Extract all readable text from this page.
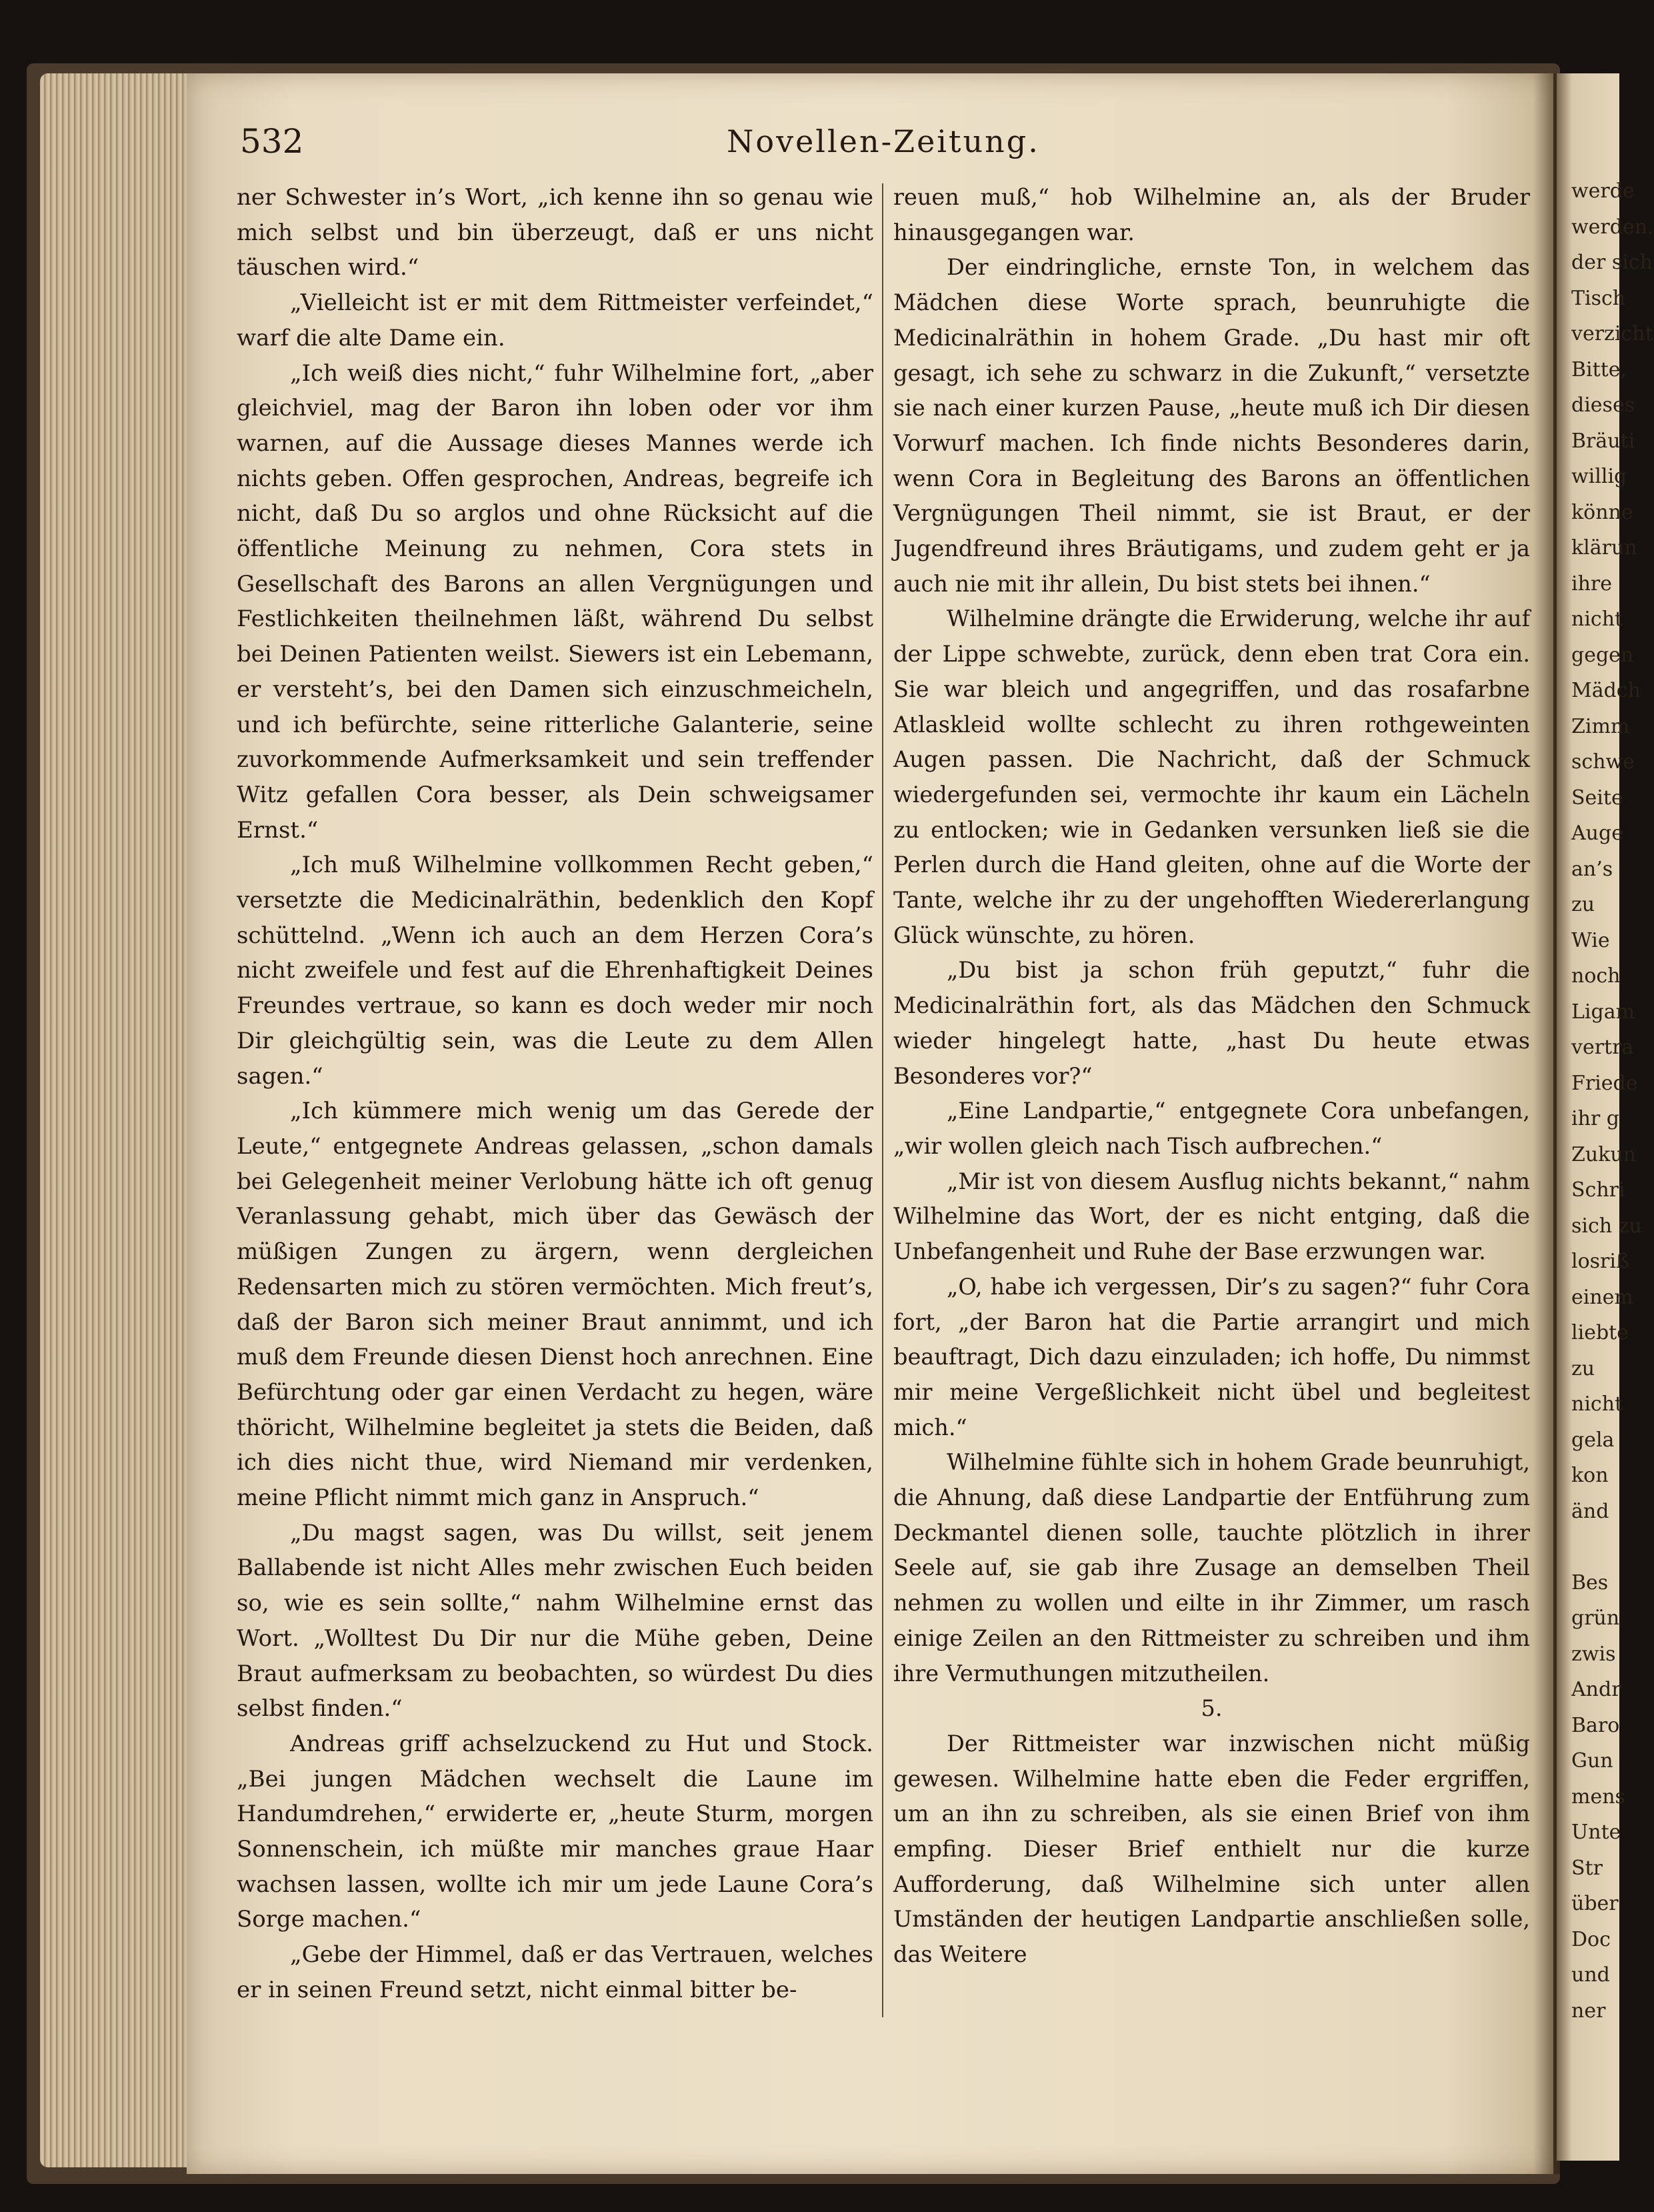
werde
werden.
der sich
Tisch
verzicht
Bitte,
dieses
Bräuti
willig
könne
klärun
ihre
nicht
gegen
Mädch
Zimm
schwe
Seite
Auge
an’s
zu
Wie
noch
Ligam
vertra
Friede
ihr g
Zukun
Schri
sich zu
losriß
einem
liebte
zu
nicht
gela
kon
änd

Bes
grün
zwis
Andr
Baro
Gun
mens
Unte
Str
über
Doc
und
ner
532	Novellen-Zeitung.

ner Schwester in’s Wort, „ich kenne ihn so genau wie mich selbst und bin überzeugt, daß er uns nicht täuschen wird.“

„Vielleicht ist er mit dem Rittmeister verfeindet,“ warf die alte Dame ein.

„Ich weiß dies nicht,“ fuhr Wilhelmine fort, „aber gleichviel, mag der Baron ihn loben oder vor ihm warnen, auf die Aussage dieses Mannes werde ich nichts geben. Offen gesprochen, Andreas, begreife ich nicht, daß Du so arglos und ohne Rücksicht auf die öffentliche Meinung zu nehmen, Cora stets in Gesellschaft des Barons an allen Vergnügungen und Festlichkeiten theilnehmen läßt, während Du selbst bei Deinen Patienten weilst. Siewers ist ein Lebemann, er versteht’s, bei den Damen sich einzuschmeicheln, und ich befürchte, seine ritterliche Galanterie, seine zuvorkommende Aufmerksamkeit und sein treffender Witz gefallen Cora besser, als Dein schweigsamer Ernst.“

„Ich muß Wilhelmine vollkommen Recht geben,“ versetzte die Medicinalräthin, bedenklich den Kopf schüttelnd. „Wenn ich auch an dem Herzen Cora’s nicht zweifele und fest auf die Ehrenhaftigkeit Deines Freundes vertraue, so kann es doch weder mir noch Dir gleichgültig sein, was die Leute zu dem Allen sagen.“

„Ich kümmere mich wenig um das Gerede der Leute,“ entgegnete Andreas gelassen, „schon damals bei Gelegenheit meiner Verlobung hätte ich oft genug Veranlassung gehabt, mich über das Gewäsch der müßigen Zungen zu ärgern, wenn dergleichen Redensarten mich zu stören vermöchten. Mich freut’s, daß der Baron sich meiner Braut annimmt, und ich muß dem Freunde diesen Dienst hoch anrechnen. Eine Befürchtung oder gar einen Verdacht zu hegen, wäre thöricht, Wilhelmine begleitet ja stets die Beiden, daß ich dies nicht thue, wird Niemand mir verdenken, meine Pflicht nimmt mich ganz in Anspruch.“

„Du magst sagen, was Du willst, seit jenem Ballabende ist nicht Alles mehr zwischen Euch beiden so, wie es sein sollte,“ nahm Wilhelmine ernst das Wort. „Wolltest Du Dir nur die Mühe geben, Deine Braut aufmerksam zu beobachten, so würdest Du dies selbst finden.“

Andreas griff achselzuckend zu Hut und Stock. „Bei jungen Mädchen wechselt die Laune im Handumdrehen,“ erwiderte er, „heute Sturm, morgen Sonnenschein, ich müßte mir manches graue Haar wachsen lassen, wollte ich mir um jede Laune Cora’s Sorge machen.“

„Gebe der Himmel, daß er das Vertrauen, welches er in seinen Freund setzt, nicht einmal bitter be-

reuen muß,“ hob Wilhelmine an, als der Bruder hinausgegangen war.

Der eindringliche, ernste Ton, in welchem das Mädchen diese Worte sprach, beunruhigte die Medicinalräthin in hohem Grade. „Du hast mir oft gesagt, ich sehe zu schwarz in die Zukunft,“ versetzte sie nach einer kurzen Pause, „heute muß ich Dir diesen Vorwurf machen. Ich finde nichts Besonderes darin, wenn Cora in Begleitung des Barons an öffentlichen Vergnügungen Theil nimmt, sie ist Braut, er der Jugendfreund ihres Bräutigams, und zudem geht er ja auch nie mit ihr allein, Du bist stets bei ihnen.“

Wilhelmine drängte die Erwiderung, welche ihr auf der Lippe schwebte, zurück, denn eben trat Cora ein. Sie war bleich und angegriffen, und das rosafarbne Atlaskleid wollte schlecht zu ihren rothgeweinten Augen passen. Die Nachricht, daß der Schmuck wiedergefunden sei, vermochte ihr kaum ein Lächeln zu entlocken; wie in Gedanken versunken ließ sie die Perlen durch die Hand gleiten, ohne auf die Worte der Tante, welche ihr zu der ungehofften Wiedererlangung Glück wünschte, zu hören.

„Du bist ja schon früh geputzt,“ fuhr die Medicinalräthin fort, als das Mädchen den Schmuck wieder hingelegt hatte, „hast Du heute etwas Besonderes vor?“

„Eine Landpartie,“ entgegnete Cora unbefangen, „wir wollen gleich nach Tisch aufbrechen.“

„Mir ist von diesem Ausflug nichts bekannt,“ nahm Wilhelmine das Wort, der es nicht entging, daß die Unbefangenheit und Ruhe der Base erzwungen war.

„O, habe ich vergessen, Dir’s zu sagen?“ fuhr Cora fort, „der Baron hat die Partie arrangirt und mich beauftragt, Dich dazu einzuladen; ich hoffe, Du nimmst mir meine Vergeßlichkeit nicht übel und begleitest mich.“

Wilhelmine fühlte sich in hohem Grade beunruhigt, die Ahnung, daß diese Landpartie der Entführung zum Deckmantel dienen solle, tauchte plötzlich in ihrer Seele auf, sie gab ihre Zusage an demselben Theil nehmen zu wollen und eilte in ihr Zimmer, um rasch einige Zeilen an den Rittmeister zu schreiben und ihm ihre Vermuthungen mitzutheilen.

5.

Der Rittmeister war inzwischen nicht müßig gewesen. Wilhelmine hatte eben die Feder ergriffen, um an ihn zu schreiben, als sie einen Brief von ihm empfing. Dieser Brief enthielt nur die kurze Aufforderung, daß Wilhelmine sich unter allen Umständen der heutigen Landpartie anschließen solle, das Weitere
